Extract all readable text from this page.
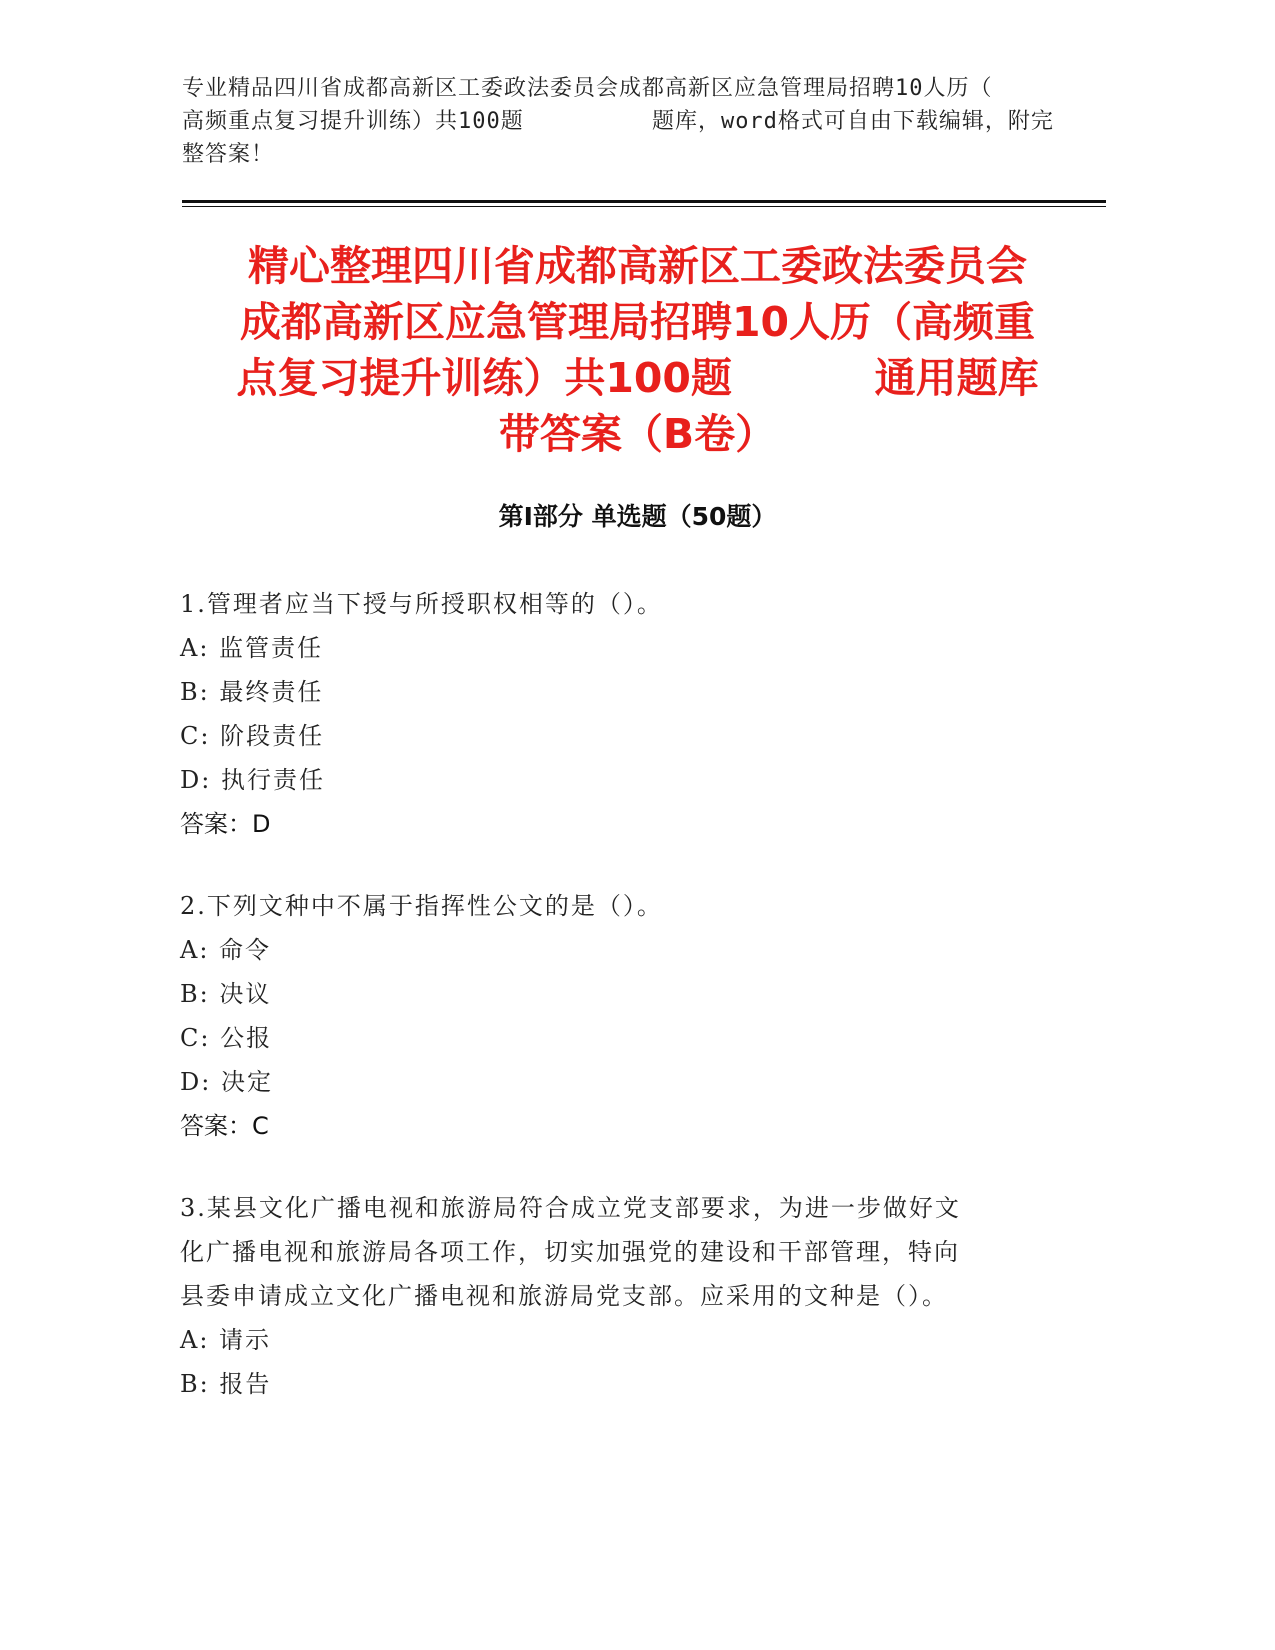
专业精品四川省成都高新区工委政法委员会成都高新区应急管理局招聘10人历（

高频重点复习提升训练）共100题         题库，word格式可自由下载编辑，附完

整答案！

精心整理四川省成都高新区工委政法委员会

成都高新区应急管理局招聘10人历（高频重

点复习提升训练）共100题          通用题库

带答案（B卷）

第Ⅰ部分 单选题（50题）
1.管理者应当下授与所授职权相等的（）。
A: 监管责任
B: 最终责任
C: 阶段责任
D: 执行责任
答案：D
2.下列文种中不属于指挥性公文的是（）。
A: 命令
B: 决议
C: 公报
D: 决定
答案：C
3.某县文化广播电视和旅游局符合成立党支部要求，为进一步做好文
化广播电视和旅游局各项工作，切实加强党的建设和干部管理，特向
县委申请成立文化广播电视和旅游局党支部。应采用的文种是（）。
A: 请示
B: 报告
